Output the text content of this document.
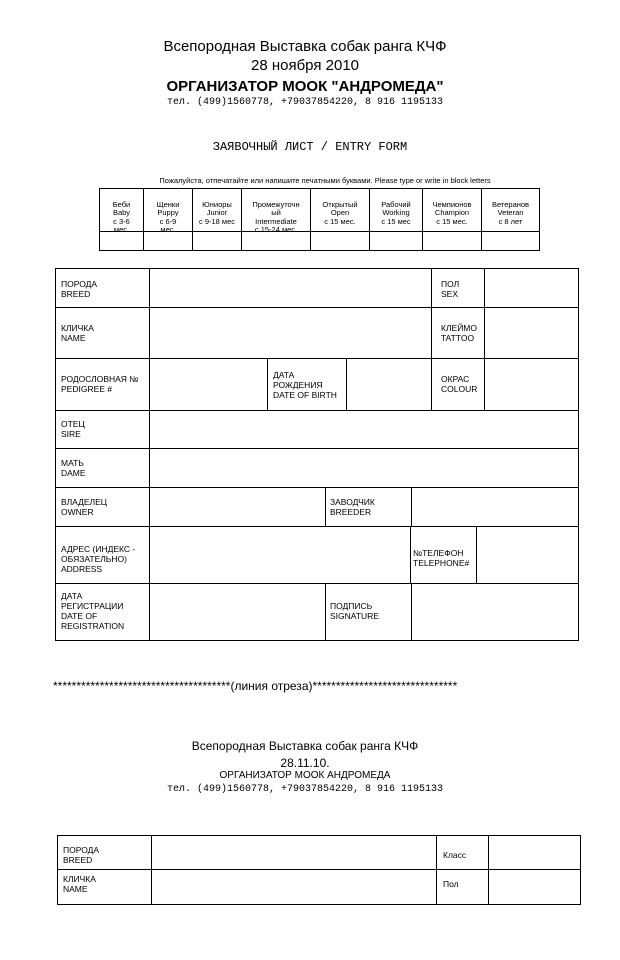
Всепородная Выставка собак ранга КЧФ
28 ноября 2010
ОРГАНИЗАТОР МООК "АНДРОМЕДА"
тел. (499)1560778, +79037854220, 8 916 1195133
ЗАЯВОЧНЫЙ ЛИСТ / ENTRY FORM
Пожалуйста, отпечатайте или напишите печатными буквами. Please type or write in block letters

Беби
Baby
с 3-6 мес.

Щенки
Puppy
с 6-9 мес.

Юниоры
Junior
с 9-18 мес

Промежуточн ый
Intermediate
с 15-24 мес.

Открытый
Open
с 15 мес.

Рабочий
Working
с 15 мес

Чемпионов
Champion
с 15 мес.

Ветеранов
Veteran
с 8 лет
ПОРОДА
BREED
ПОЛ
SEX
КЛИЧКА
NAME
КЛЕЙМО
TATTOO
РОДОСЛОВНАЯ №
PEDIGREE #
ДАТА
РОЖДЕНИЯ
DATE OF BIRTH
ОКРАС
COLOUR
ОТЕЦ
SIRE
МАТЬ
DAME
ВЛАДЕЛЕЦ
OWNER
ЗАВОДЧИК
BREEDER
АДРЕС (ИНДЕКС -
ОБЯЗАТЕЛЬНО)
ADDRESS
№ТЕЛЕФОН
TELEPHONE#
ДАТА
РЕГИСТРАЦИИ
DATE OF
REGISTRATION
ПОДПИСЬ
SIGNATURE
**************************************(линия отреза)*******************************
Всепородная Выставка собак ранга КЧФ
28.11.10.
ОРГАНИЗАТОР МООК АНДРОМЕДА
тел. (499)1560778, +79037854220, 8 916 1195133
ПОРОДА
BREED	Класс
КЛИЧКА
NAME	Пол
